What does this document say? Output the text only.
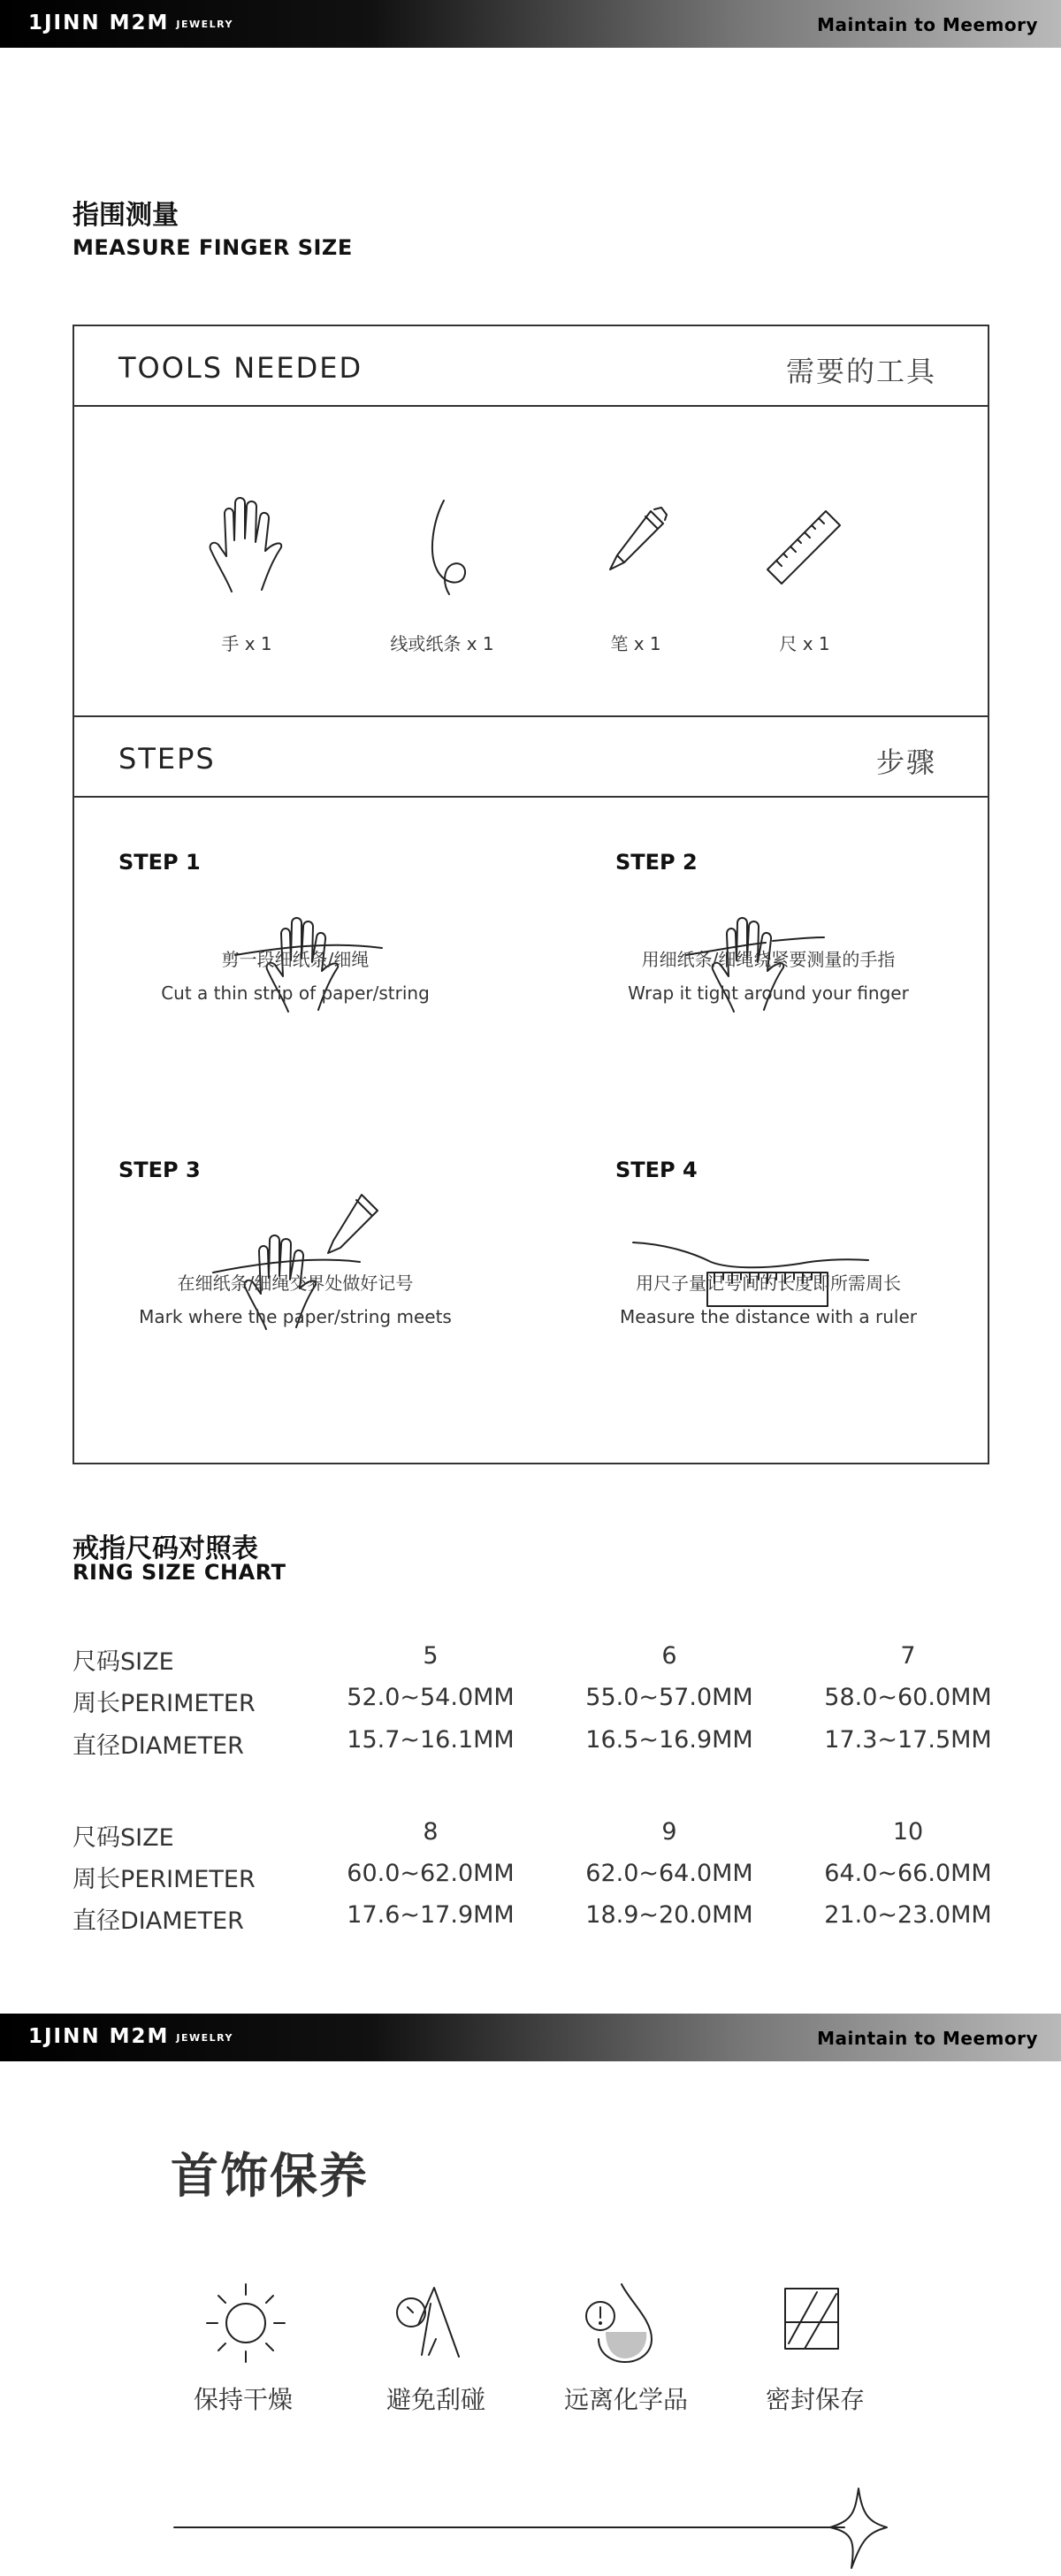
1JINN M2M JEWELRY	Maintain to Meemory
指围测量
MEASURE FINGER SIZE
TOOLS NEEDED	需要的工具
手 x 1	线或纸条 x 1	笔 x 1	尺 x 1
STEPS	步骤
STEP 1
剪一段细纸条/细绳
Cut a thin strip of paper/string
STEP 2
用细纸条/细绳绕紧要测量的手指
Wrap it tight around your finger
STEP 3
在细纸条/细绳交界处做好记号
Mark where the paper/string meets
STEP 4
用尺子量记号间的长度即所需周长
Measure the distance with a ruler
戒指尺码对照表
RING SIZE CHART
尺码SIZE	5	6	7
周长PERIMETER	52.0~54.0MM	55.0~57.0MM	58.0~60.0MM
直径DIAMETER	15.7~16.1MM	16.5~16.9MM	17.3~17.5MM
尺码SIZE	8	9	10
周长PERIMETER	60.0~62.0MM	62.0~64.0MM	64.0~66.0MM
直径DIAMETER	17.6~17.9MM	18.9~20.0MM	21.0~23.0MM
1JINN M2M JEWELRY	Maintain to Meemory
首饰保养
保持干燥	避免刮碰	远离化学品	密封保存
